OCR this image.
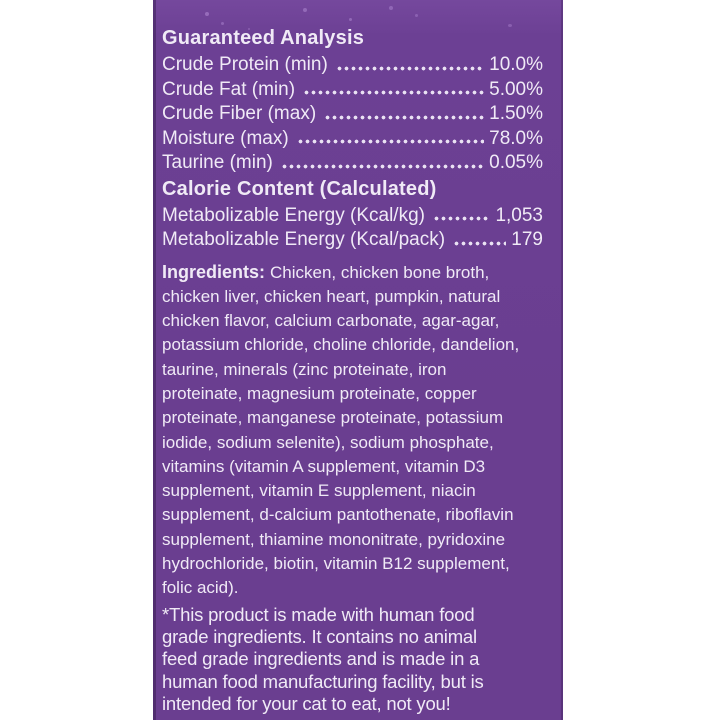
Guaranteed Analysis
Crude Protein (min)	10.0%
Crude Fat (min)	5.00%
Crude Fiber (max)	1.50%
Moisture (max)	78.0%
Taurine (min)	0.05%
Calorie Content (Calculated)
Metabolizable Energy (Kcal/kg)	1,053
Metabolizable Energy (Kcal/pack)	179
Ingredients: Chicken, chicken bone broth,
chicken liver, chicken heart, pumpkin, natural
chicken flavor, calcium carbonate, agar-agar,
potassium chloride, choline chloride, dandelion,
taurine, minerals (zinc proteinate, iron
proteinate, magnesium proteinate, copper
proteinate, manganese proteinate, potassium
iodide, sodium selenite), sodium phosphate,
vitamins (vitamin A supplement, vitamin D3
supplement, vitamin E supplement, niacin
supplement, d-calcium pantothenate, riboflavin
supplement, thiamine mononitrate, pyridoxine
hydrochloride, biotin, vitamin B12 supplement,
folic acid).
*This product is made with human food
grade ingredients. It contains no animal
feed grade ingredients and is made in a
human food manufacturing facility, but is
intended for your cat to eat, not you!
